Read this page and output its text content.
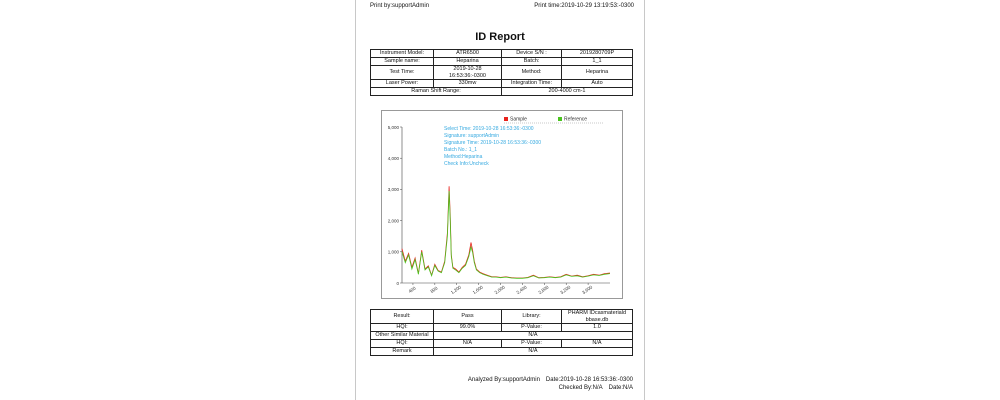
Print by:supportAdmin	Print time:2019-10-29 13:19:53:-0300
ID Report
Instrument Model:	ATR6500	Device S/N :	2019280709P
Sample name:	Heparina	Batch:	1_1
Test Time:	2019-10-28 16:53:36:-0300	Method:	Heparina
Laser Power:	330mw	Integration Time:	Auto
Raman Shift Range:		200-4000 cm-1	
0
1,000
2,000
3,000
4,000
5,000
400	800	1,200 1,600 2,000 2,400 2,800 3,200 3,600
Sample	Reference
Select Time: 2019-10-28 16:53:36:-0300
Signature: supportAdmin
Signature Time: 2019-10-28 16:53:36:-0300
Batch No.: 1_1
Method:Heparina
Check Info:Uncheck
Result:	Pass	Library:	PHARM IDcasmateriald bbase.db
HQI:	99.0%	P-Value:	1.0
Other Similar Material	N/A		
HQI:	N/A	P-Value:	N/A
Remark	N/A		
Analyzed By:supportAdmin Date:2019-10-28 16:53:36:-0300
Checked By:N/A Date:N/A
